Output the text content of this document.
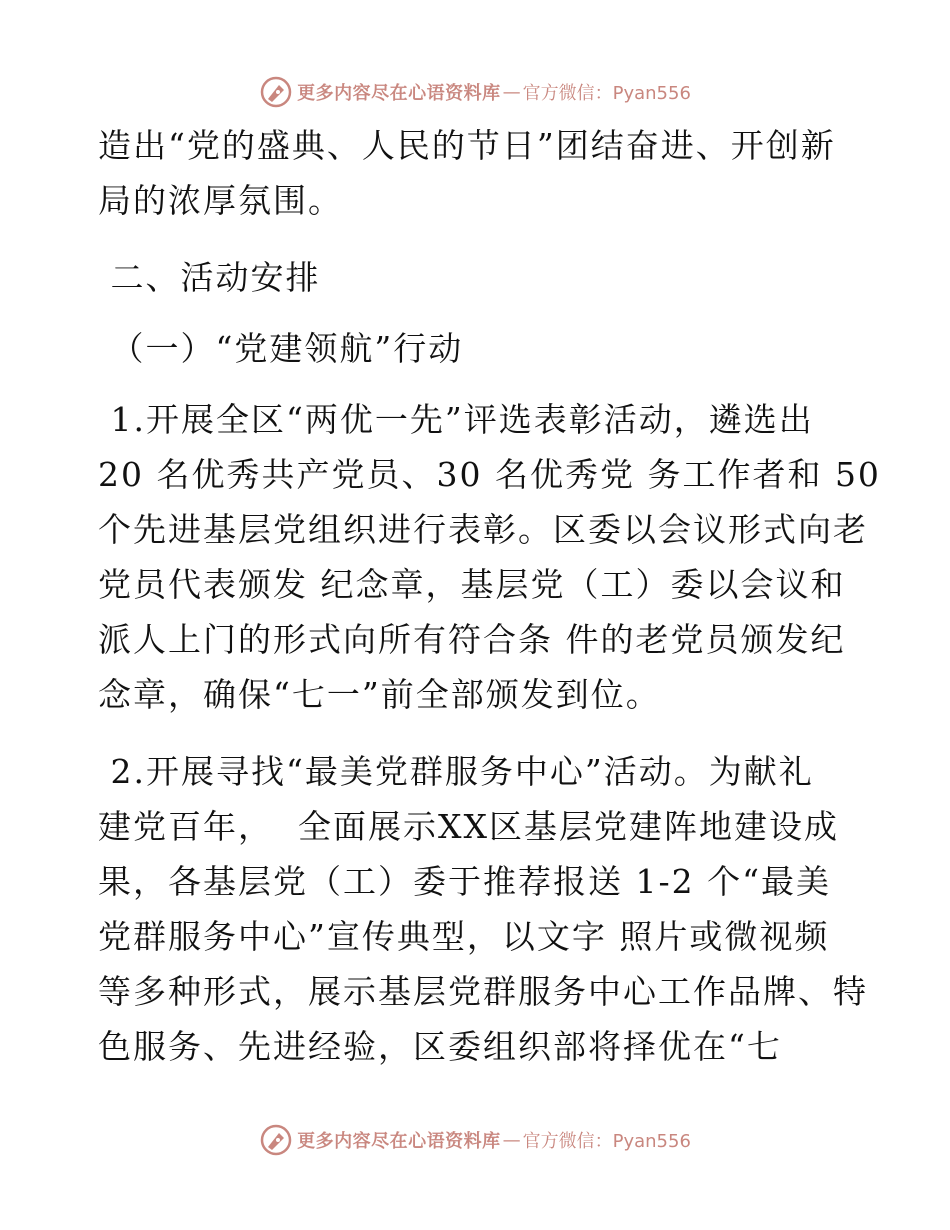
更多内容尽在心语资料库 — 官方微信：Pyan556
造出“党的盛典、人民的节日”团结奋进、开创新
局的浓厚氛围。
二、活动安排
（一）“党建领航”行动
1.开展全区“两优一先”评选表彰活动，遴选出
20 名优秀共产党员、30 名优秀党 务工作者和 50
个先进基层党组织进行表彰。区委以会议形式向老
党员代表颁发 纪念章，基层党（工）委以会议和
派人上门的形式向所有符合条 件的老党员颁发纪
念章，确保“七一”前全部颁发到位。
2.开展寻找“最美党群服务中心”活动。为献礼
建党百年，  全面展示XX区基层党建阵地建设成
果，各基层党（工）委于推荐报送 1-2 个“最美
党群服务中心”宣传典型，以文字 照片或微视频
等多种形式，展示基层党群服务中心工作品牌、特
色服务、先进经验，区委组织部将择优在“七
更多内容尽在心语资料库 — 官方微信：Pyan556
